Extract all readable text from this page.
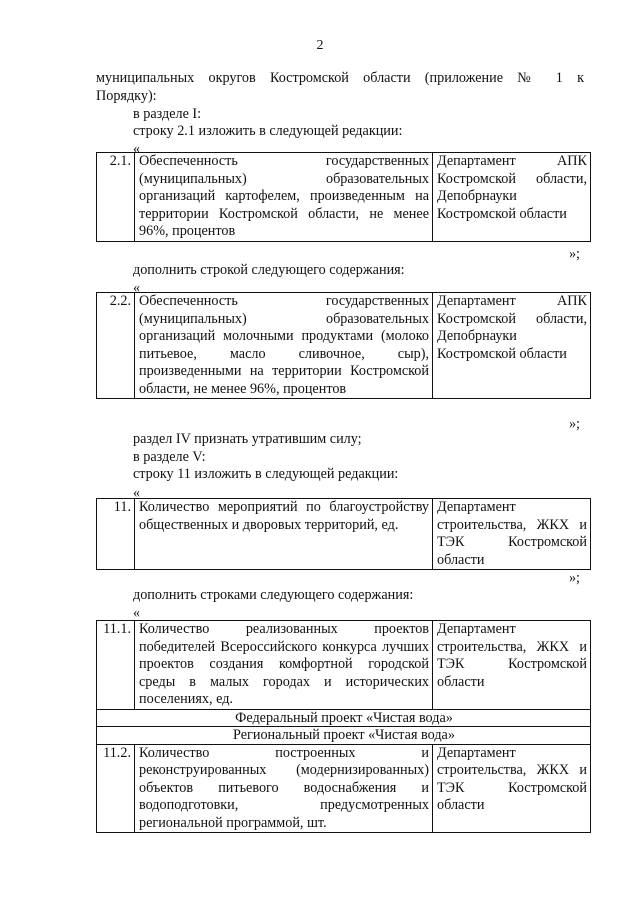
2
муниципальных округов Костромской области (приложение № 1 к
Порядку):
в разделе I:
строку 2.1 изложить в следующей редакции:
«
2.1.	Обеспеченность государственных (муниципальных) образовательных организаций картофелем, произведенным на территории Костромской области, не менее 96%, процентов	Департамент АПК Костромской области, Депобрнауки Костромской области
»;
дополнить строкой следующего содержания:
«
2.2.	Обеспеченность государственных (муниципальных) образовательных организаций молочными продуктами (молоко питьевое, масло сливочное, сыр), произведенными на территории Костромской области, не менее 96%, процентов	Департамент АПК Костромской области, Депобрнауки Костромской области
»;
раздел IV признать утратившим силу;
в разделе V:
строку 11 изложить в следующей редакции:
«
11.	Количество мероприятий по благоустройству общественных и дворовых территорий, ед.	Департамент строительства, ЖКХ и ТЭК Костромской области
»;
дополнить строками следующего содержания:
«
11.1.	Количество реализованных проектов победителей Всероссийского конкурса лучших проектов создания комфортной городской среды в малых городах и исторических поселениях, ед.	Департамент строительства, ЖКХ и ТЭК Костромской области
Федеральный проект «Чистая вода»		
Региональный проект «Чистая вода»		
11.2.	Количество построенных и реконструированных (модернизированных) объектов питьевого водоснабжения и водоподготовки, предусмотренных региональной программой, шт.	Департамент строительства, ЖКХ и ТЭК Костромской области
